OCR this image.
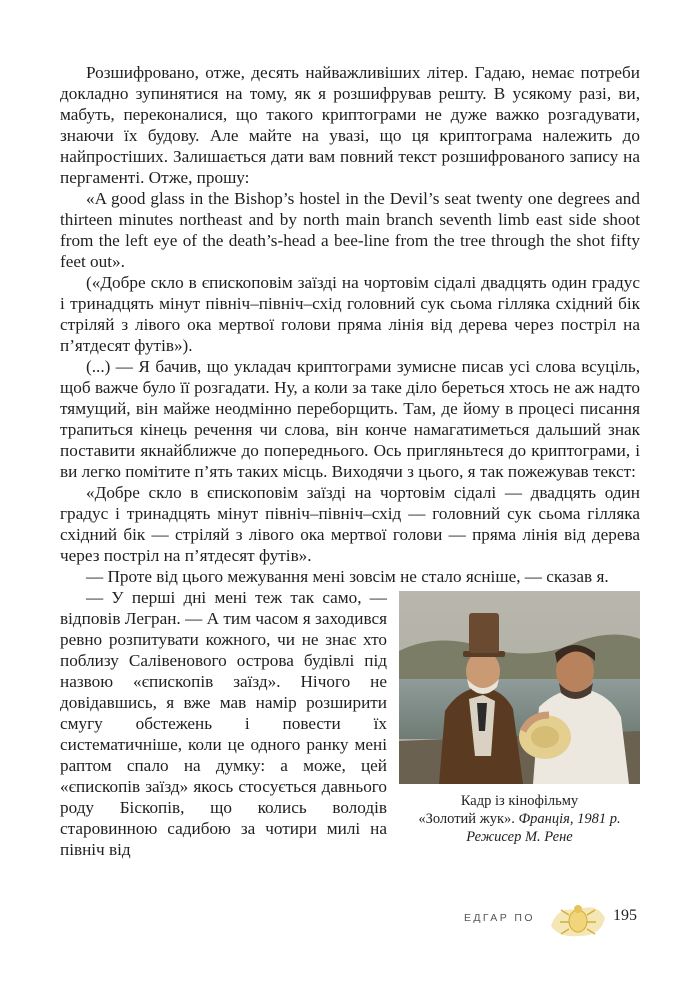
Розшифровано, отже, десять найважливіших літер. Гадаю, немає потреби докладно зупинятися на тому, як я розшифрував решту. В усякому разі, ви, мабуть, переконалися, що такого криптограми не дуже важко розгадувати, знаючи їх будову. Але майте на увазі, що ця криптограма належить до найпростіших. Залишається дати вам повний текст розшифрованого запису на пергаменті. Отже, прошу:

«A good glass in the Bishop’s hostel in the Devil’s seat twenty one degrees and thirteen minutes northeast and by north main branch seventh limb east side shoot from the left eye of the death’s-head a bee-line from the tree through the shot fifty feet out».

(«Добре скло в єпископовім заїзді на чортовім сідалі двадцять один градус і тринадцять мінут північ–північ–схід головний сук сьома гілляка східний бік стріляй з лівого ока мертвої голови пряма лінія від дерева через постріл на п’ятдесят футів»).

(...) — Я бачив, що укладач криптограми зумисне писав усі слова всуціль, щоб важче було її розгадати. Ну, а коли за таке діло береться хтось не аж надто тямущий, він майже неодмінно переборщить. Там, де йому в процесі писання трапиться кінець речення чи слова, він конче намагатиметься дальший знак поставити якнайближче до попереднього. Ось пригляньтеся до криптограми, і ви легко помітите п’ять таких місць. Виходячи з цього, я так пожежував текст:

«Добре скло в єпископовім заїзді на чортовім сідалі — двадцять один градус і тринадцять мінут північ–північ–схід — головний сук сьома гілляка східний бік — стріляй з лівого ока мертвої голови — пряма лінія від дерева через постріл на п’ятдесят футів».

— Проте від цього межування мені зовсім не стало ясніше, — сказав я.

Кадр із кінофільму
«Золотий жук». Франція, 1981 р.
Режисер М. Рене

— У перші дні мені теж так само, — відповів Легран. — А тим часом я заходився ревно розпитувати кожного, чи не знає хто поблизу Салівенового острова будівлі під назвою «єпископів заїзд». Нічого не довідавшись, я вже мав намір розширити смугу обстежень і повести їх систематичніше, коли це одного ранку мені раптом спало на думку: а може, цей «єпископів заїзд» якось стосується давнього роду Біскопів, що колись володів старовинною садибою за чотири милі на північ від

ЕДГАР ПО	195
